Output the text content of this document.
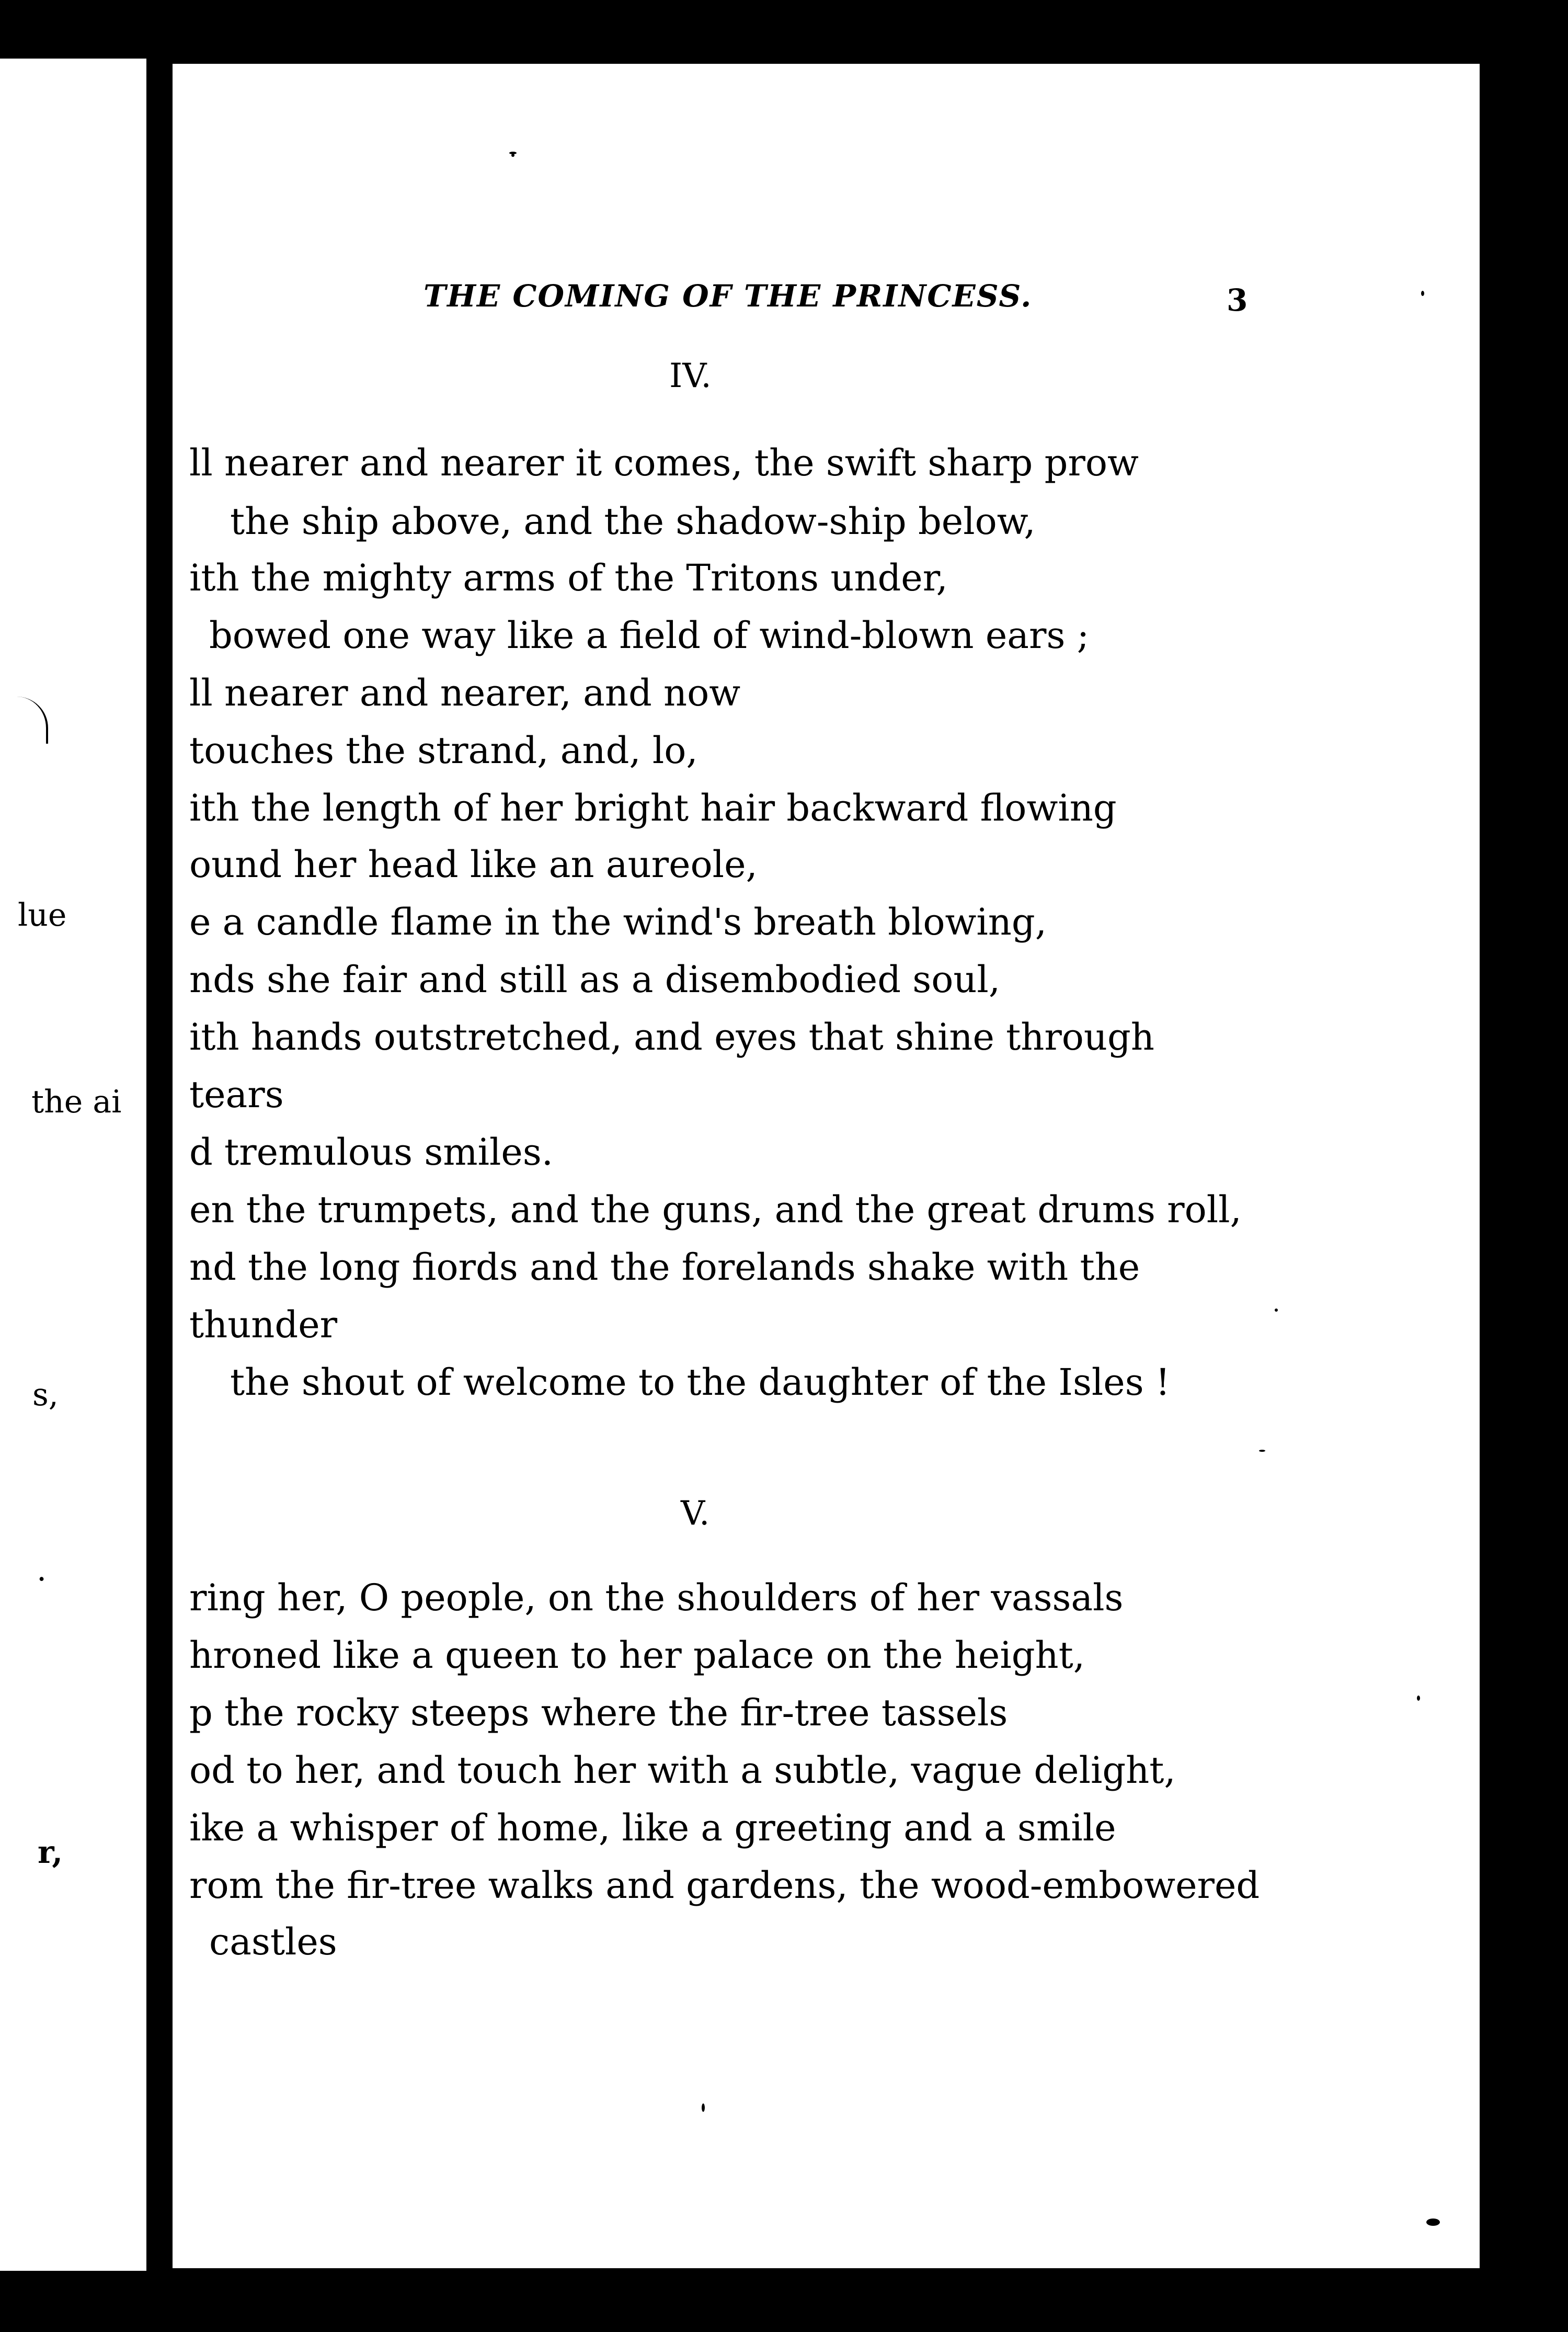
lue
the ai
s,
.
r,
THE COMING OF THE PRINCESS.	3
IV.
ll nearer and nearer it comes, the swift sharp prow
the ship above, and the shadow-ship below,
ith the mighty arms of the Tritons under,
bowed one way like a field of wind-blown ears ;
ll nearer and nearer, and now
touches the strand, and, lo,
ith the length of her bright hair backward flowing
ound her head like an aureole,
e a candle flame in the wind's breath blowing,
nds she fair and still as a disembodied soul,
ith hands outstretched, and eyes that shine through
tears
d tremulous smiles.
en the trumpets, and the guns, and the great drums roll,
nd the long fiords and the forelands shake with the
thunder
the shout of welcome to the daughter of the Isles !
V.
ring her, O people, on the shoulders of her vassals
hroned like a queen to her palace on the height,
p the rocky steeps where the fir-tree tassels
od to her, and touch her with a subtle, vague delight,
ike a whisper of home, like a greeting and a smile
rom the fir-tree walks and gardens, the wood-embowered
castles
